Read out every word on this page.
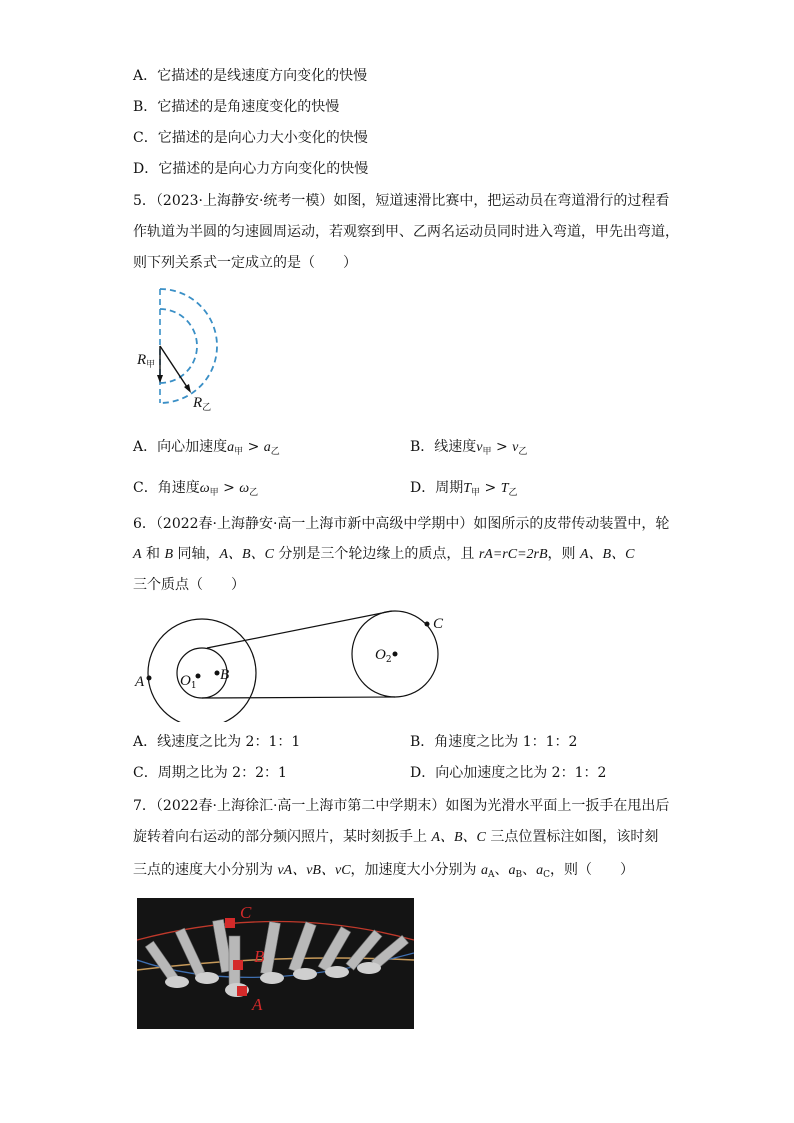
A．它描述的是线速度方向变化的快慢
B．它描述的是角速度变化的快慢
C．它描述的是向心力大小变化的快慢
D．它描述的是向心力方向变化的快慢
5．（2023·上海静安·统考一模）如图，短道速滑比赛中，把运动员在弯道滑行的过程看
作轨道为半圆的匀速圆周运动，若观察到甲、乙两名运动员同时进入弯道，甲先出弯道，
则下列关系式一定成立的是（　　）
$R_甲$
$R_乙$
A．向心加速度$a_甲 > a_乙$	B．线速度$v_甲 > v_乙$
C．角速度$\omega_甲 > \omega_乙$	D．周期$T_甲 > T_乙$
6．（2022春·上海静安·高一上海市新中高级中学期中）如图所示的皮带传动装置中，轮
A 和 B 同轴，A、B、C 分别是三个轮边缘上的质点，且 rA=rC=2rB，则 A、B、C
三个质点（　　）
A	B
C
$O_1$
$O_2$
A．线速度之比为 2：1：1	B．角速度之比为 1：1：2
C．周期之比为 2：2：1	D．向心加速度之比为 2：1：2
7．（2022春·上海徐汇·高一上海市第二中学期末）如图为光滑水平面上一扳手在甩出后
旋转着向右运动的部分频闪照片，某时刻扳手上 A、B、C 三点位置标注如图，该时刻
三点的速度大小分别为 vA、vB、vC，加速度大小分别为 $a_A$、$a_B$、$a_C$，则（　　）
C
B
A
